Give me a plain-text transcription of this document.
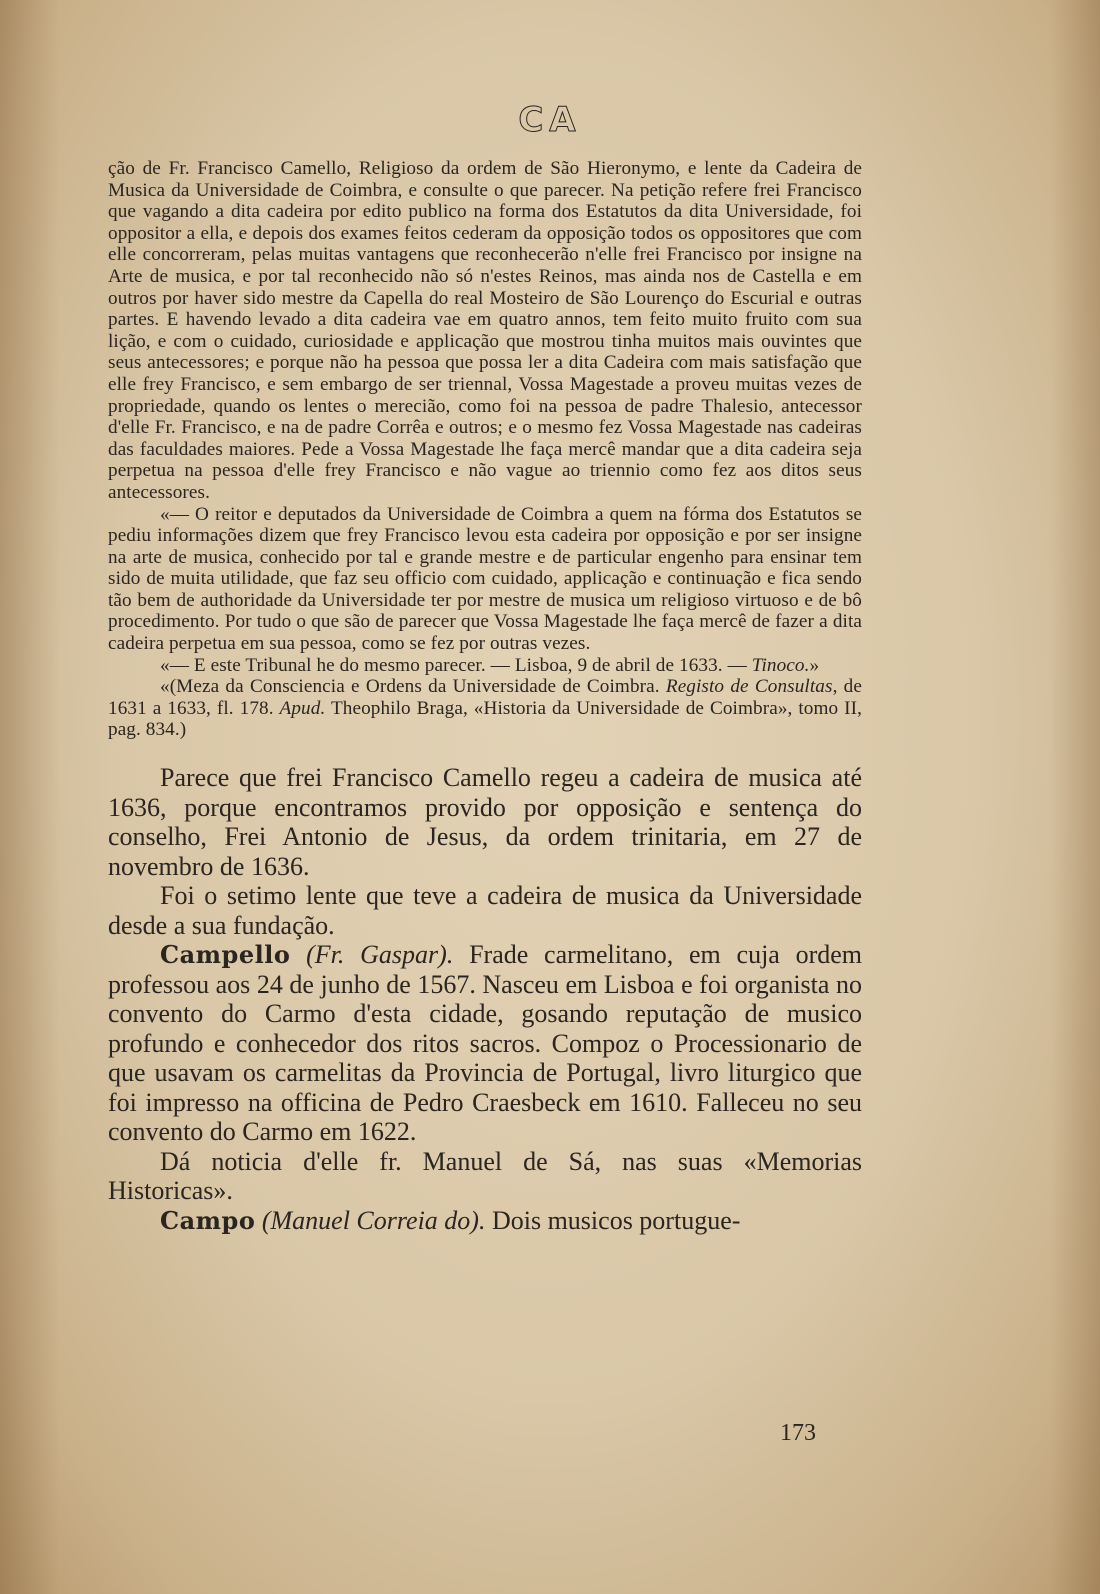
CA

ção de Fr. Francisco Camello, Religioso da ordem de São Hieronymo, e lente da Cadeira de Musica da Universidade de Coimbra, e consulte o que parecer. Na petição refere frei Francisco que vagando a dita cadeira por edito publico na forma dos Estatutos da dita Universidade, foi oppositor a ella, e depois dos exames feitos cederam da opposição todos os oppositores que com elle concorreram, pelas muitas vantagens que reconhecerão n'elle frei Francisco por insigne na Arte de musica, e por tal reconhecido não só n'estes Reinos, mas ainda nos de Castella e em outros por haver sido mestre da Capella do real Mosteiro de São Lourenço do Escurial e outras partes. E havendo levado a dita cadeira vae em quatro annos, tem feito muito fruito com sua lição, e com o cuidado, curiosidade e applicação que mostrou tinha muitos mais ouvintes que seus antecessores; e porque não ha pessoa que possa ler a dita Cadeira com mais satisfação que elle frey Francisco, e sem embargo de ser triennal, Vossa Magestade a proveu muitas vezes de propriedade, quando os lentes o merecião, como foi na pessoa de padre Thalesio, antecessor d'elle Fr. Francisco, e na de padre Corrêa e outros; e o mesmo fez Vossa Magestade nas cadeiras das faculdades maiores. Pede a Vossa Magestade lhe faça mercê mandar que a dita cadeira seja perpetua na pessoa d'elle frey Francisco e não vague ao triennio como fez aos ditos seus antecessores.

«— O reitor e deputados da Universidade de Coimbra a quem na fórma dos Estatutos se pediu informações dizem que frey Francisco levou esta cadeira por opposição e por ser insigne na arte de musica, conhecido por tal e grande mestre e de particular engenho para ensinar tem sido de muita utilidade, que faz seu officio com cuidado, applicação e continuação e fica sendo tão bem de authoridade da Universidade ter por mestre de musica um religioso virtuoso e de bô procedimento. Por tudo o que são de parecer que Vossa Magestade lhe faça mercê de fazer a dita cadeira perpetua em sua pessoa, como se fez por outras vezes.

«— E este Tribunal he do mesmo parecer. — Lisboa, 9 de abril de 1633. — Tinoco.»

«(Meza da Consciencia e Ordens da Universidade de Coimbra. Registo de Consultas, de 1631 a 1633, fl. 178. Apud. Theophilo Braga, «Historia da Universidade de Coimbra», tomo II, pag. 834.)

Parece que frei Francisco Camello regeu a cadeira de musica até 1636, porque encontramos provido por opposição e sentença do conselho, Frei Antonio de Jesus, da ordem trinitaria, em 27 de novembro de 1636.

Foi o setimo lente que teve a cadeira de musica da Universidade desde a sua fundação.

Campello (Fr. Gaspar). Frade carmelitano, em cuja ordem professou aos 24 de junho de 1567. Nasceu em Lisboa e foi organista no convento do Carmo d'esta cidade, gosando reputação de musico profundo e conhecedor dos ritos sacros. Compoz o Processionario de que usavam os carmelitas da Provincia de Portugal, livro liturgico que foi impresso na officina de Pedro Craesbeck em 1610. Falleceu no seu convento do Carmo em 1622.

Dá noticia d'elle fr. Manuel de Sá, nas suas «Memorias Historicas».

Campo (Manuel Correia do). Dois musicos portugue-

173
